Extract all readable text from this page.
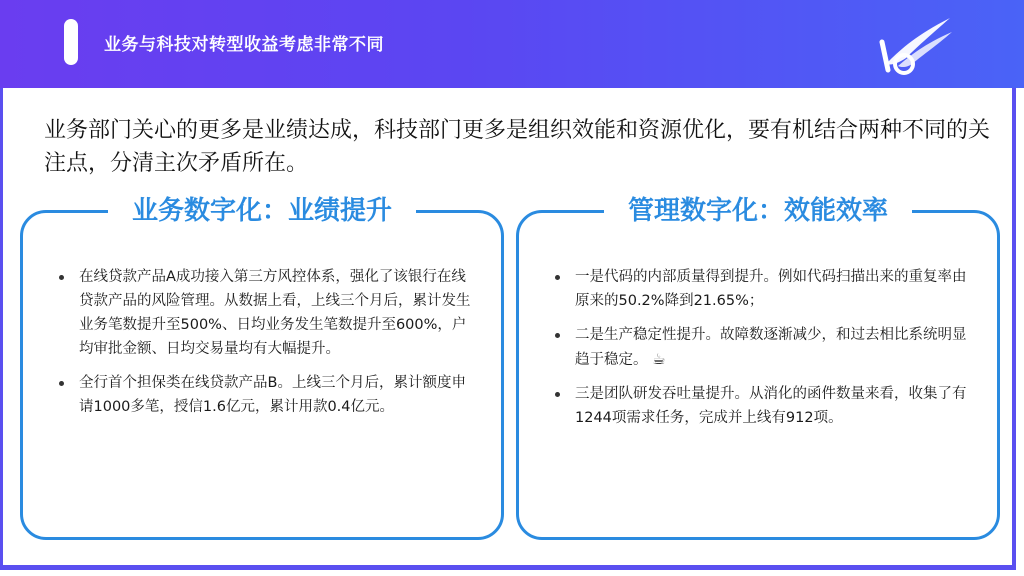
业务与科技对转型收益考虑非常不同
业务部门关心的更多是业绩达成，科技部门更多是组织效能和资源优化，要有机结合两种不同的关注点，分清主次矛盾所在。
业务数字化：业绩提升
在线贷款产品A成功接入第三方风控体系，强化了该银行在线贷款产品的风险管理。从数据上看，上线三个月后，累计发生业务笔数提升至500%、日均业务发生笔数提升至600%，户均审批金额、日均交易量均有大幅提升。
全行首个担保类在线贷款产品B。上线三个月后，累计额度申请1000多笔，授信1.6亿元，累计用款0.4亿元。
管理数字化：效能效率
一是代码的内部质量得到提升。例如代码扫描出来的重复率由原来的50.2%降到21.65%；
二是生产稳定性提升。故障数逐渐减少，和过去相比系统明显趋于稳定。 ☕
三是团队研发吞吐量提升。从消化的函件数量来看，收集了有1244项需求任务，完成并上线有912项。
